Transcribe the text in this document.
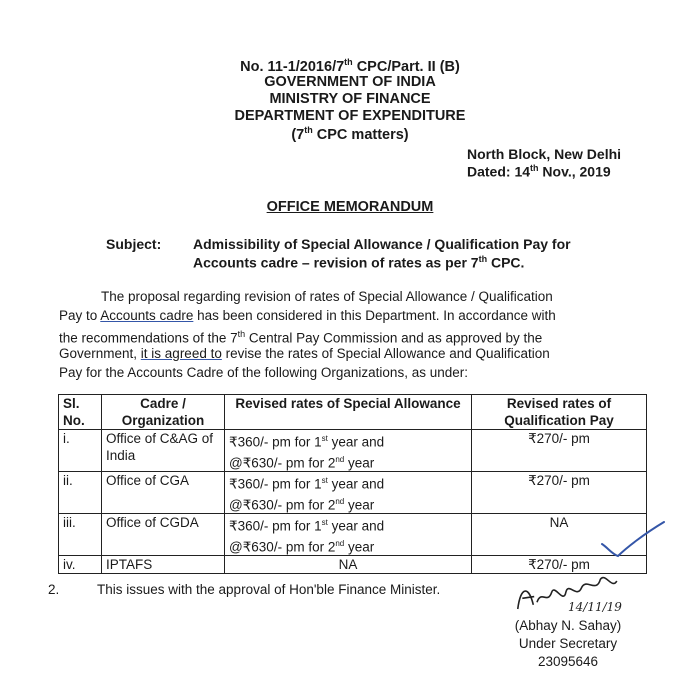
No. 11-1/2016/7th CPC/Part. II (B)
GOVERNMENT OF INDIA
MINISTRY OF FINANCE
DEPARTMENT OF EXPENDITURE
(7th CPC matters)
North Block, New Delhi
Dated: 14th Nov., 2019
OFFICE MEMORANDUM
Subject: Admissibility of Special Allowance / Qualification Pay for
Accounts cadre – revision of rates as per 7th CPC.
The proposal regarding revision of rates of Special Allowance / Qualification
Pay to Accounts cadre has been considered in this Department. In accordance with
the recommendations of the 7th Central Pay Commission and as approved by the
Government, it is agreed to revise the rates of Special Allowance and Qualification
Pay for the Accounts Cadre of the following Organizations, as under:
Sl. No.	Cadre / Organization	Revised rates of Special Allowance	Revised rates of Qualification Pay
i.	Office of C&AG of India	₹360/- pm for 1st year and
@₹630/- pm for 2nd year	₹270/- pm
ii.	Office of CGA	₹360/- pm for 1st year and
@₹630/- pm for 2nd year	₹270/- pm
iii.	Office of CGDA	₹360/- pm for 1st year and
@₹630/- pm for 2nd year	NA
iv.	IPTAFS	NA	₹270/- pm
2.	This issues with the approval of Hon'ble Finance Minister.
14/11/19
(Abhay N. Sahay)
Under Secretary
23095646
